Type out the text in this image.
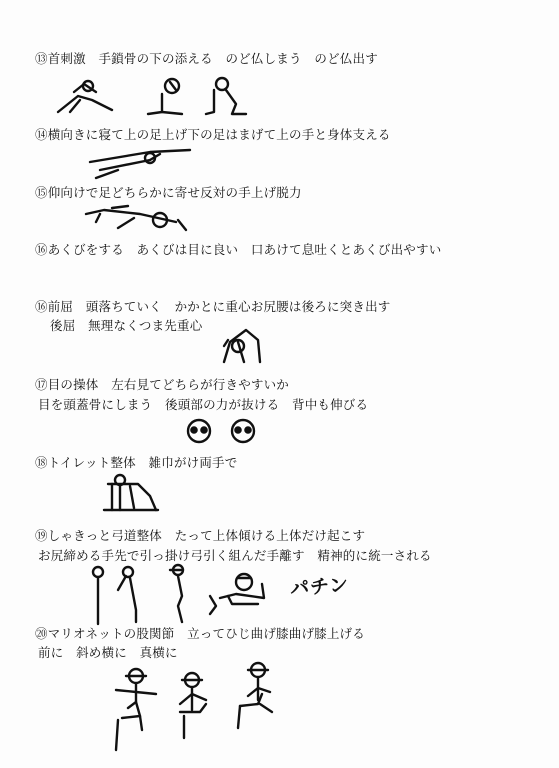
⑬首刺激　手鎖骨の下の添える　のど仏しまう　のど仏出す
⑭横向きに寝て上の足上げ下の足はまげて上の手と身体支える
⑮仰向けで足どちらかに寄せ反対の手上げ脱力
⑯あくびをする　あくびは目に良い　口あけて息吐くとあくび出やすい
⑯前屈　頭落ちていく　かかとに重心お尻腰は後ろに突き出す
後屈　無理なくつま先重心
⑰目の操体　左右見てどちらが行きやすいか
目を頭蓋骨にしまう　後頭部の力が抜ける　背中も伸びる
⑱トイレット整体　雑巾がけ両手で
⑲しゃきっと弓道整体　たって上体傾ける上体だけ起こす
お尻締める手先で引っ掛け弓引く組んだ手離す　精神的に統一される
⑳マリオネットの股関節　立ってひじ曲げ膝曲げ膝上げる
前に　斜め横に　真横に
パチン
